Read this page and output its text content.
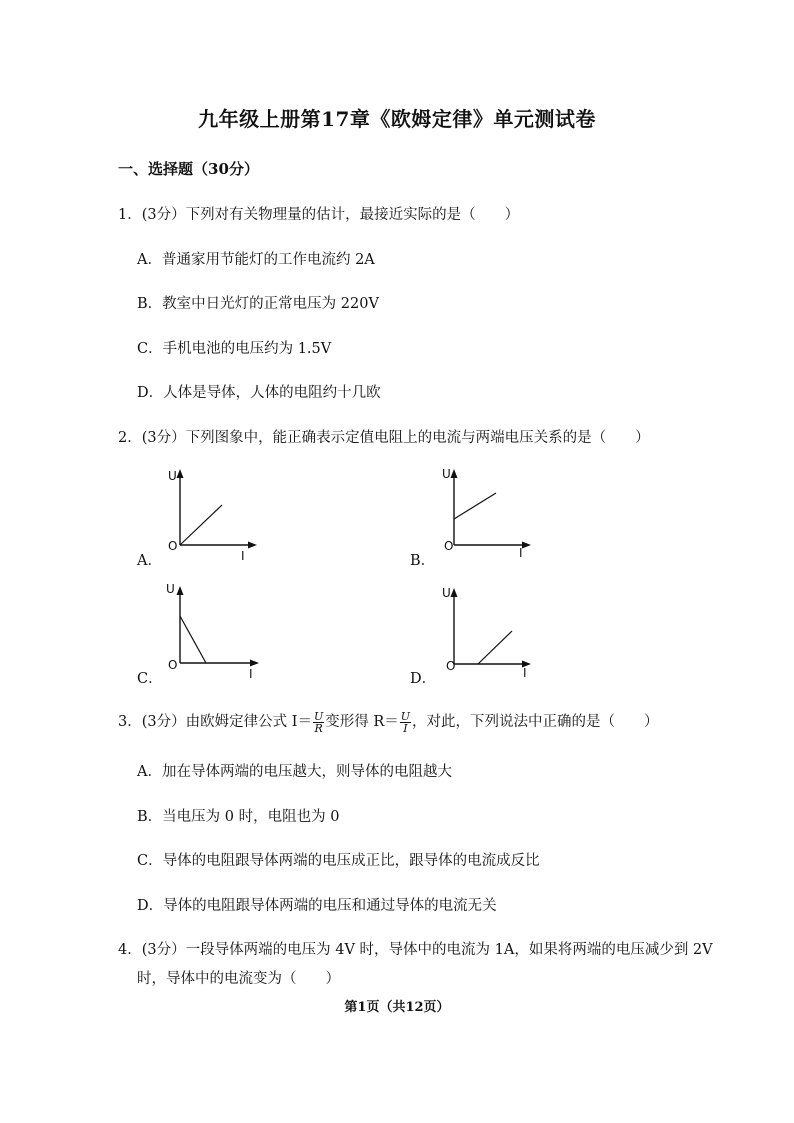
九年级上册第17章《欧姆定律》单元测试卷
一、选择题（30分）
1．(3分）下列对有关物理量的估计，最接近实际的是（　　）
A．普通家用节能灯的工作电流约 2A
B．教室中日光灯的正常电压为 220V
C．手机电池的电压约为 1.5V
D．人体是导体，人体的电阻约十几欧
2．(3分）下列图象中，能正确表示定值电阻上的电流与两端电压关系的是（　　）
A．
U
O
I	B．
U
O	I
C．
U
O
I	D．
U
O	I
3．(3分）由欧姆定律公式 $I= \frac{U}{R}$ 变形得 $R= \frac{U}{I}$ ，对此，下列说法中正确的是（　　）
A．加在导体两端的电压越大，则导体的电阻越大
B．当电压为 0 时，电阻也为 0
C．导体的电阻跟导体两端的电压成正比，跟导体的电流成反比
D．导体的电阻跟导体两端的电压和通过导体的电流无关
4．(3分）一段导体两端的电压为 4V 时，导体中的电流为 1A，如果将两端的电压减少到 2V
时，导体中的电流变为（　　）
第1页（共12页）
